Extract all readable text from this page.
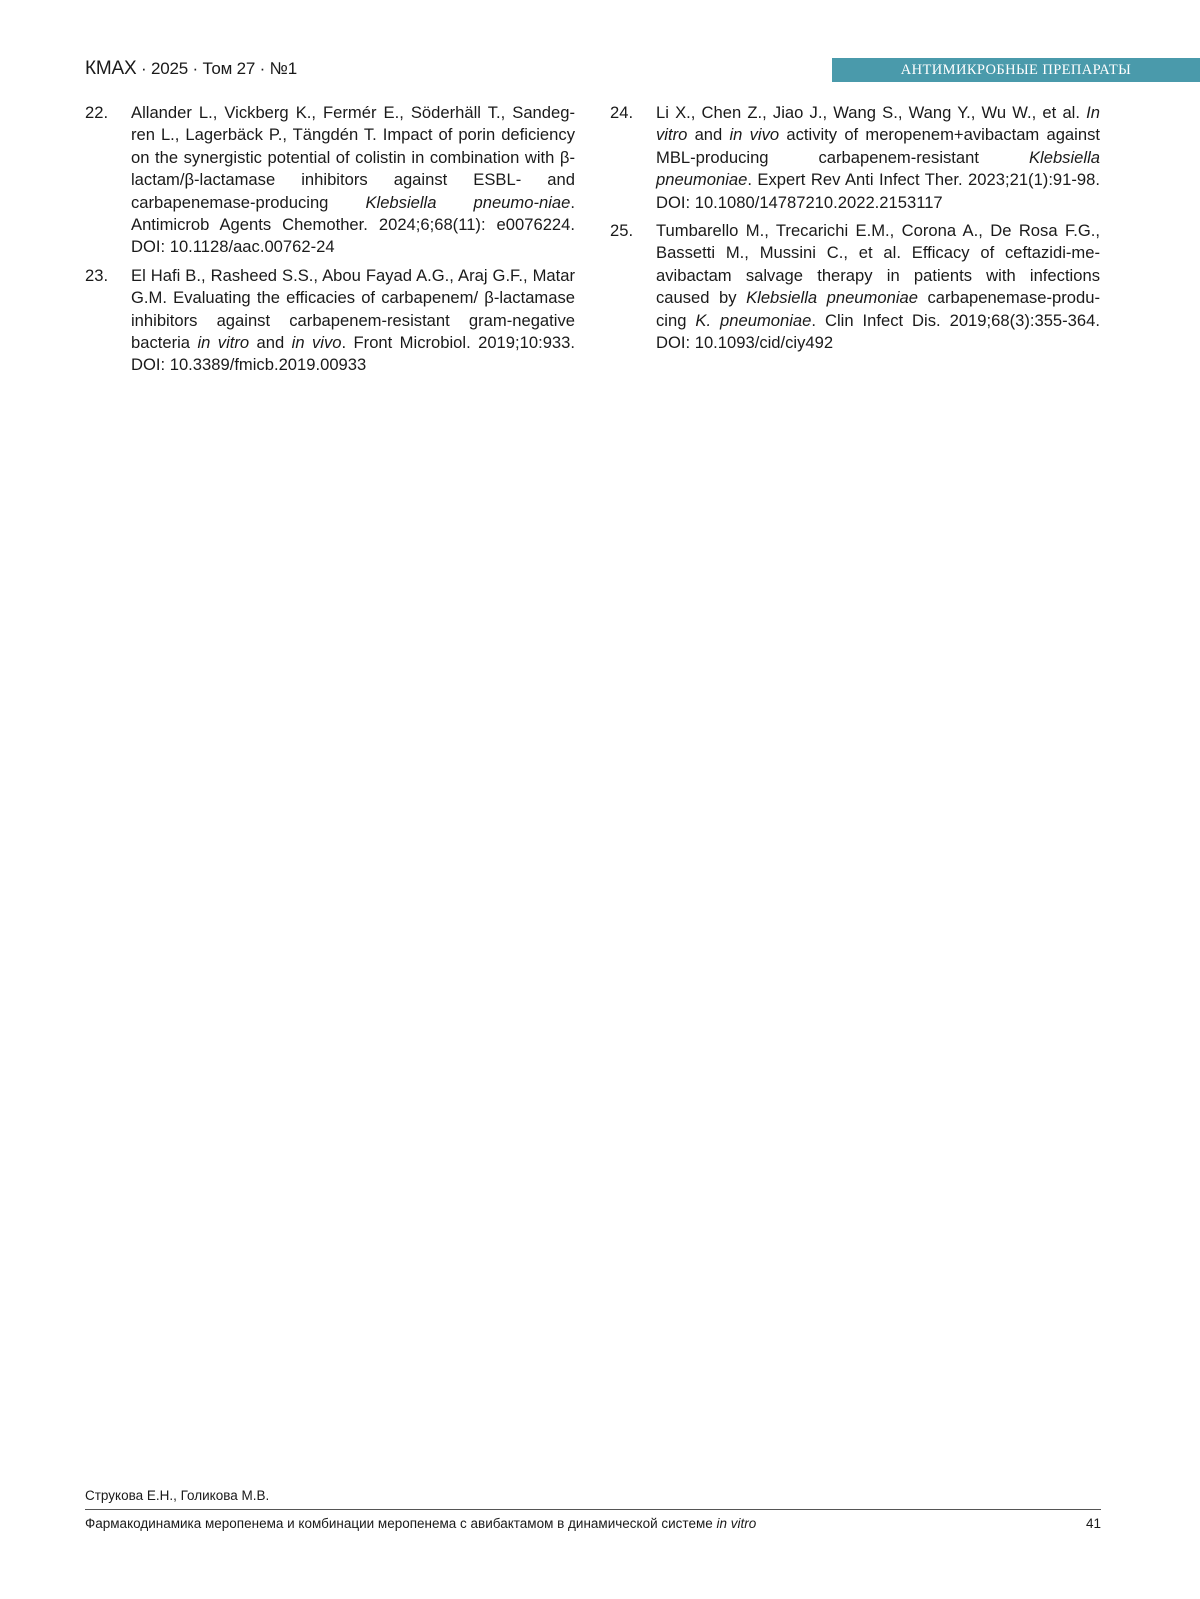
КМАХ · 2025 · Том 27 · №1	АНТИМИКРОБНЫЕ ПРЕПАРАТЫ
22. Allander L., Vickberg K., Fermér E., Söderhäll T., Sandeg-ren L., Lagerbäck P., Tängdén T. Impact of porin deficiency on the synergistic potential of colistin in combination with β-lactam/β-lactamase inhibitors against ESBL- and carbapenemase-producing Klebsiella pneumo-niae. Antimicrob Agents Chemother. 2024;6;68(11): e0076224. DOI: 10.1128/aac.00762-24
23. El Hafi B., Rasheed S.S., Abou Fayad A.G., Araj G.F., Matar G.M. Evaluating the efficacies of carbapenem/ β-lactamase inhibitors against carbapenem-resistant gram-negative bacteria in vitro and in vivo. Front Microbiol. 2019;10:933. DOI: 10.3389/fmicb.2019.00933
24. Li X., Chen Z., Jiao J., Wang S., Wang Y., Wu W., et al. In vitro and in vivo activity of meropenem+avibactam against MBL-producing carbapenem-resistant Klebsiella pneumoniae. Expert Rev Anti Infect Ther. 2023;21(1):91-98. DOI: 10.1080/14787210.2022.2153117
25. Tumbarello M., Trecarichi E.M., Corona A., De Rosa F.G., Bassetti M., Mussini C., et al. Efficacy of ceftazidi-me-avibactam salvage therapy in patients with infections caused by Klebsiella pneumoniae carbapenemase-produ-cing K. pneumoniae. Clin Infect Dis. 2019;68(3):355-364. DOI: 10.1093/cid/ciy492
Струкова Е.Н., Голикова М.В.
Фармакодинамика меропенема и комбинации меропенема с авибактамом в динамической системе in vitro	41
